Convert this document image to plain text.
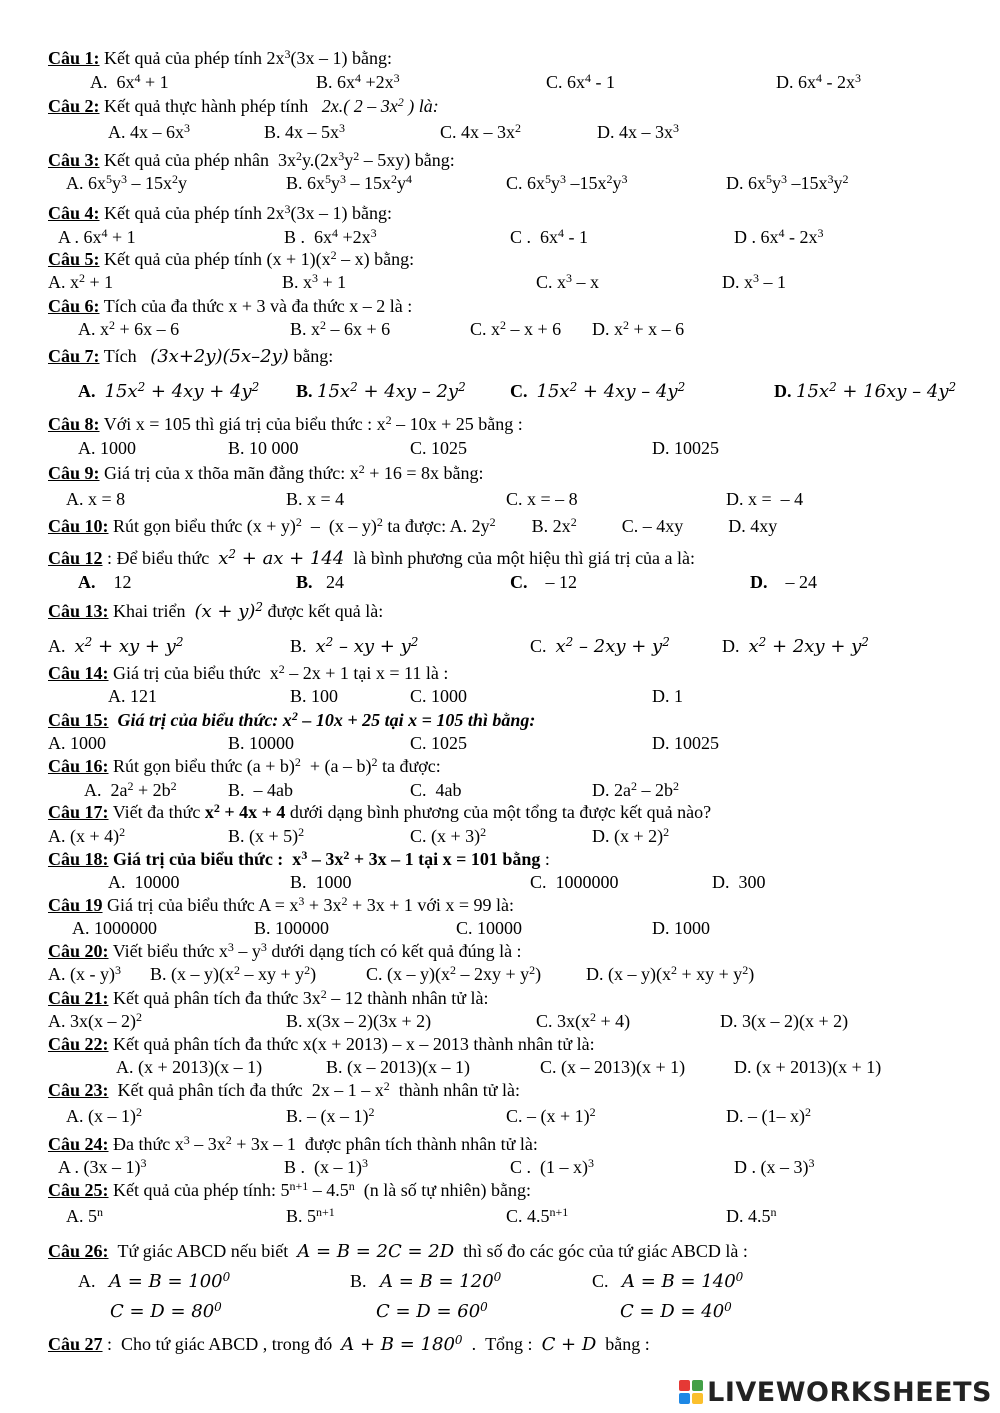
Câu 1: Kết quả của phép tính $2x^3(3x - 1)$ bằng:
A.  $6x^4 + 1$	B. $6x^4 +2x^3$	C. $6x^4 - 1$	D. $6x^4 - 2x^3$
Câu 2: Kết quả thực hành phép tính   2x.( $2 - 3x^2$ ) là:
A. $4x - 6x^3$	B. $4x - 5x^3$	C. $4x - 3x^2$	D. $4x - 3x^3$
Câu 3: Kết quả của phép nhân  $3x^2y.(2x^3y^2 - 5xy)$ bằng:
A. $6x^5y^3 - 15x^2y$	B. $6x^5y^3 - 15x^2y^4$	C. $6x^5y^3$ $-15x^2y^3$	D. $6x^5y^3$ $-15x^3y^2$
Câu 4: Kết quả của phép tính $2x^3(3x - 1)$ bằng:
A . $6x^4 + 1$	B .  $6x^4 +2x^3$	C .  $6x^4 - 1$	D . $6x^4 - 2x^3$
Câu 5: Kết quả của phép tính $(x + 1)(x^2 - x)$ bằng:
A. $x^2 + 1$	B. $x^3 + 1$	C. $x^3$ – x	D. $x^3 - 1$
Câu 6: Tích của đa thức x + 3 và đa thức x – 2 là :
A. $x^2 + 6x - 6$	B. $x^2 - 6x + 6$	C. $x^2 - x + 6$ D. $x^2 + x - 6$
Câu 7: Tích   (3x+2y)(5x–2y) bằng:
A. $15x^2 + 4xy + 4y^2$ B. $15x^2 + 4xy - 2y^2$ C. $15x^2 + 4xy - 4y^2$	D. $15x^2 + 16xy - 4y^2$
Câu 8: Với x = 105 thì giá trị của biểu thức : $x^2 - 10x + 25$ bằng :
A. 1000	B. 10 000	C. 1025	D. 10025
Câu 9: Giá trị của x thõa mãn đẳng thức: $x^2 + 16 = 8x$ bằng:
A. x = 8	B. x = 4	C. x = – 8	D. x =  – 4
Câu 10: Rút gọn biểu thức $(x + y)^2 - (x - y)^2$ ta được: A. $2y^2$        B. $2x^2$          C. – 4xy          D. 4xy
Câu 12 : Để biểu thức  $x^2$ + ax + 144  là bình phương của một hiệu thì giá trị của a là:
A.    12	B.   24	C.    – 12	D.    – 24
Câu 13: Khai triển  $(x + y)^2$ được kết quả là:
A.  $x^2$ + xy + $y^2$	B.  $x^2$ – xy + $y^2$	C.  $x^2 - 2xy + y^2$	D.  $x^2 + 2xy + y^2$
Câu 14: Giá trị của biểu thức  $x^2 - 2x + 1$ tại x = 11 là :
A. 121	B. 100	C. 1000	D. 1
Câu 15: Giá trị của biểu thức: $x^2 - 10x + 25$ tại x = 105 thì bằng:
A. 1000	B. 10000	C. 1025	D. 10025
Câu 16: Rút gọn biểu thức $(a + b)^2 + (a - b)^2$ ta được:
A.  $2a^2 + 2b^2$	B.  – 4ab	C.  4ab	D. $2a^2 - 2b^2$
Câu 17: Viết đa thức $x^2 + 4x + 4$ dưới dạng bình phương của một tổng ta được kết quả nào?
A. $(x + 4)^2$	B. $(x + 5)^2$	C. $(x + 3)^2$	D. $(x + 2)^2$
Câu 18: Giá trị của biểu thức :  $x^3 - 3x^2 + 3x - 1$ tại x = 101 bằng :
A.  10000	B.  1000	C.  1000000	D.  300
Câu 19 Giá trị của biểu thức $A = x^3 + 3x^2 + 3x + 1$ với x = 99 là:
A. 1000000	B. 100000	C. 10000	D. 1000
Câu 20: Viết biểu thức $x^3 - y^3$ dưới dạng tích có kết quả đúng là :
A. (x - y)$^3$ B. $(x - y)(x^2$ – xy + $y^2$)	C. $(x - y)(x^2 - 2xy + y^2)$ D. $(x - y)(x^2$ + xy + $y^2$)
Câu 21: Kết quả phân tích đa thức $3x^2 - 12$ thành nhân tử là:
A. 3x(x – 2)$^2$	B. x(3x – 2)(3x + 2)	C. $3x(x^2 + 4)$	D. 3(x – 2)(x + 2)
Câu 22: Kết quả phân tích đa thức x(x + 2013) – x – 2013 thành nhân tử là:
A. (x + 2013)(x – 1)	B. (x – 2013)(x – 1)	C. (x – 2013)(x + 1)	D. (x + 2013)(x + 1)
Câu 23:  Kết quả phân tích đa thức  $2x - 1 - x^2$  thành nhân tử là:
A. (x – 1)$^2$	B. – (x – 1)$^2$	C. – $(x + 1)^2$	D. – (1– x)$^2$
Câu 24: Đa thức $x^3 - 3x^2 + 3x - 1$  được phân tích thành nhân tử là:
A . (3x – 1)$^3$	B .  (x – 1)$^3$	C .  (1 – x)$^3$	D . (x – 3)$^3$
Câu 25: Kết quả của phép tính: $5^{n+1} - 4.5^n$  (n là số tự nhiên) bằng:
A. 5$^n$	B. $5^{n+1}$	C. $4.5^{n+1}$	D. 4.5$^n$
Câu 26:  Tứ giác ABCD nếu biết  A = B = 2C = 2D  thì số đo các góc của tứ giác ABCD là :
A.   $A = B = 100^0$	B.   $A = B = 120^0$	C.   $A = B = 140^0$
$C = D = 80^0$	$C = D = 60^0$	$C = D = 40^0$
Câu 27 :  Cho tứ giác ABCD , trong đó  $A + B = 180^0$  .  Tổng :  C + D  bằng :
LIVEWORKSHEETS
